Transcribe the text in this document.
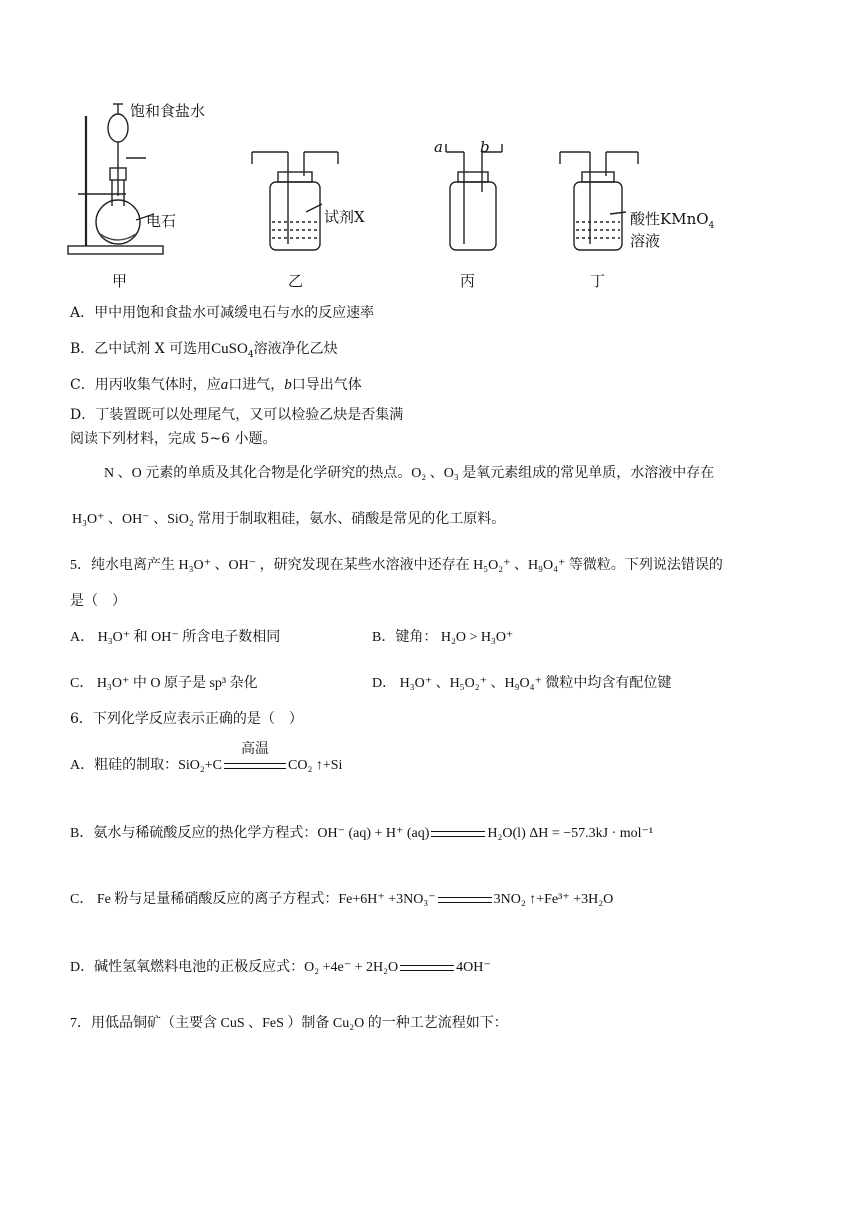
饱和食盐水
电石	试剂X
a b
酸性KMnO$_4$
溶液
甲	乙	丙	丁
A．甲中用饱和食盐水可减缓电石与水的反应速率
B．乙中试剂 X 可选用CuSO$_4$溶液净化乙炔
C．用丙收集气体时，应a口进气，b口导出气体
D．丁装置既可以处理尾气，又可以检验乙炔是否集满
阅读下列材料，完成 5~6 小题。
N 、O 元素的单质及其化合物是化学研究的热点。O₂ 、O₃ 是氧元素组成的常见单质，水溶液中存在
H₃O⁺ 、OH⁻ 、SiO₂ 常用于制取粗硅，氨水、硝酸是常见的化工原料。
5．纯水电离产生 H₃O⁺ 、OH⁻ ，研究发现在某些水溶液中还存在 H₅O₂⁺ 、H₉O₄⁺ 等微粒。下列说法错误的
是（　）
A． H₃O⁺ 和 OH⁻ 所含电子数相同	B．键角： H₂O > H₃O⁺
C． H₃O⁺ 中 O 原子是 sp³ 杂化	D． H₃O⁺ 、H₅O₂⁺ 、H₉O₄⁺ 微粒中均含有配位键
6．下列化学反应表示正确的是（　）
A．粗硅的制取：SiO₂+C
高温
CO₂ ↑+Si
B．氨水与稀硫酸反应的热化学方程式：OH⁻ (aq) + H⁺ (aq)	H₂O(l) ΔH = −57.3kJ · mol⁻¹
C． Fe 粉与足量稀硝酸反应的离子方程式：Fe+6H⁺ +3NO₃⁻	3NO₂ ↑+Fe³⁺ +3H₂O
D．碱性氢氧燃料电池的正极反应式：O₂ +4e⁻ + 2H₂O	4OH⁻
7．用低品铜矿（主要含 CuS 、FeS ）制备 Cu₂O 的一种工艺流程如下：
